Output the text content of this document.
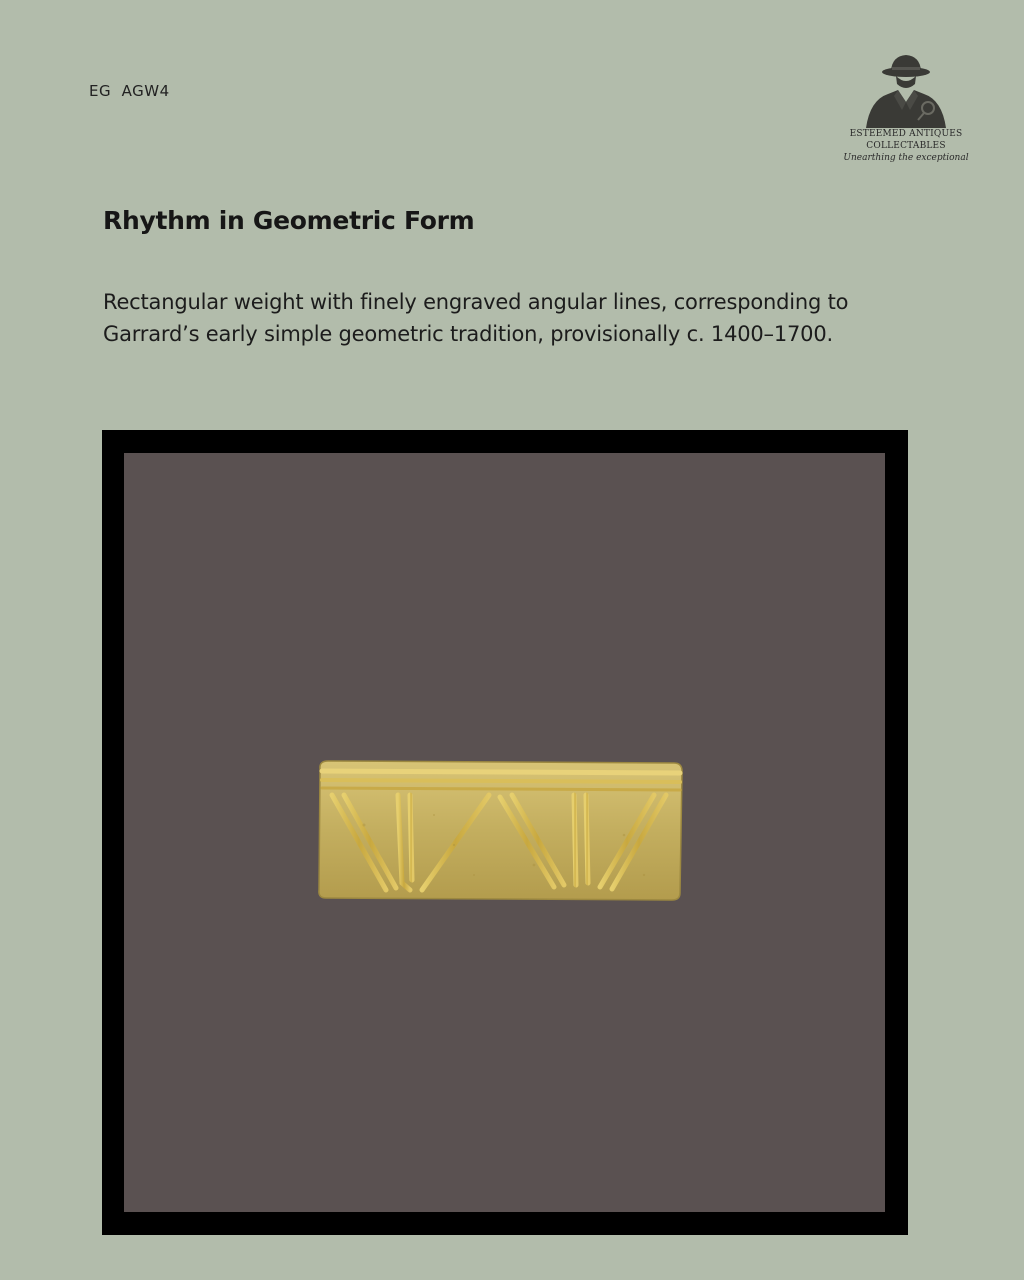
EG  AGW4
ESTEEMED ANTIQUES
COLLECTABLES
Unearthing the exceptional
Rhythm in Geometric Form

Rectangular weight with finely engraved angular lines, corresponding to Garrard’s early simple geometric tradition, provisionally c. 1400–1700.
